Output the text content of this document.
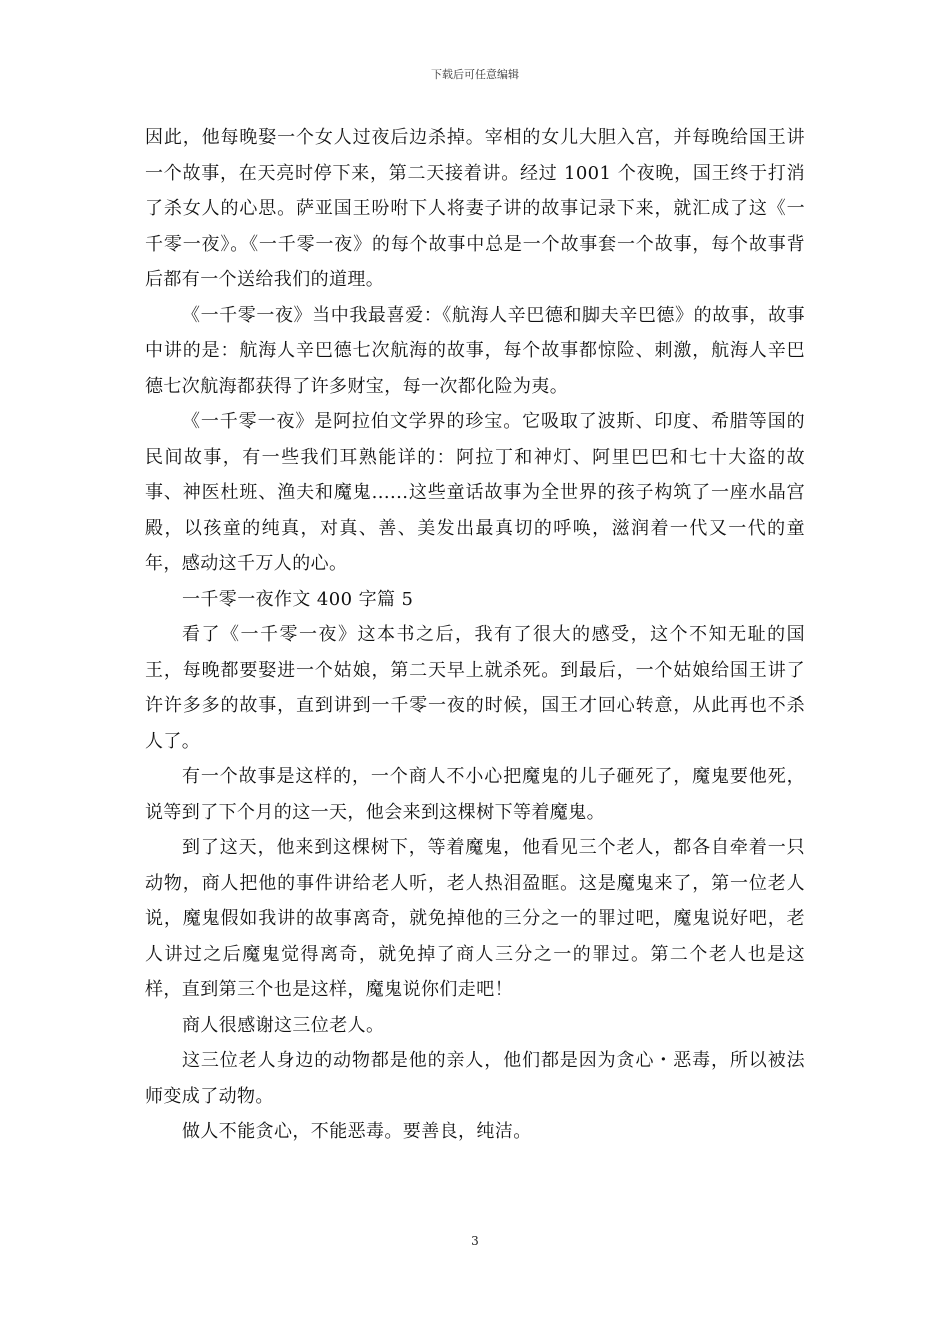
下载后可任意编辑

因此，他每晚娶一个女人过夜后边杀掉。宰相的女儿大胆入宫，并每晚给国王讲一个故事，在天亮时停下来，第二天接着讲。经过 1001 个夜晚，国王终于打消了杀女人的心思。萨亚国王吩咐下人将妻子讲的故事记录下来，就汇成了这《一千零一夜》。《一千零一夜》的每个故事中总是一个故事套一个故事，每个故事背后都有一个送给我们的道理。

《一千零一夜》当中我最喜爱：《航海人辛巴德和脚夫辛巴德》的故事，故事中讲的是：航海人辛巴德七次航海的故事，每个故事都惊险、刺激，航海人辛巴德七次航海都获得了许多财宝，每一次都化险为夷。

《一千零一夜》是阿拉伯文学界的珍宝。它吸取了波斯、印度、希腊等国的民间故事，有一些我们耳熟能详的：阿拉丁和神灯、阿里巴巴和七十大盗的故事、神医杜班、渔夫和魔鬼......这些童话故事为全世界的孩子构筑了一座水晶宫殿，以孩童的纯真，对真、善、美发出最真切的呼唤，滋润着一代又一代的童年，感动这千万人的心。

一千零一夜作文 400 字篇 5

看了《一千零一夜》这本书之后，我有了很大的感受，这个不知无耻的国王，每晚都要娶进一个姑娘，第二天早上就杀死。到最后，一个姑娘给国王讲了许许多多的故事，直到讲到一千零一夜的时候，国王才回心转意，从此再也不杀人了。

有一个故事是这样的，一个商人不小心把魔鬼的儿子砸死了，魔鬼要他死，说等到了下个月的这一天，他会来到这棵树下等着魔鬼。

到了这天，他来到这棵树下，等着魔鬼，他看见三个老人，都各自牵着一只动物，商人把他的事件讲给老人听，老人热泪盈眶。这是魔鬼来了，第一位老人说，魔鬼假如我讲的故事离奇，就免掉他的三分之一的罪过吧，魔鬼说好吧，老人讲过之后魔鬼觉得离奇，就免掉了商人三分之一的罪过。第二个老人也是这样，直到第三个也是这样，魔鬼说你们走吧！

商人很感谢这三位老人。

这三位老人身边的动物都是他的亲人，他们都是因为贪心・恶毒，所以被法师变成了动物。

做人不能贪心，不能恶毒。要善良，纯洁。

3
